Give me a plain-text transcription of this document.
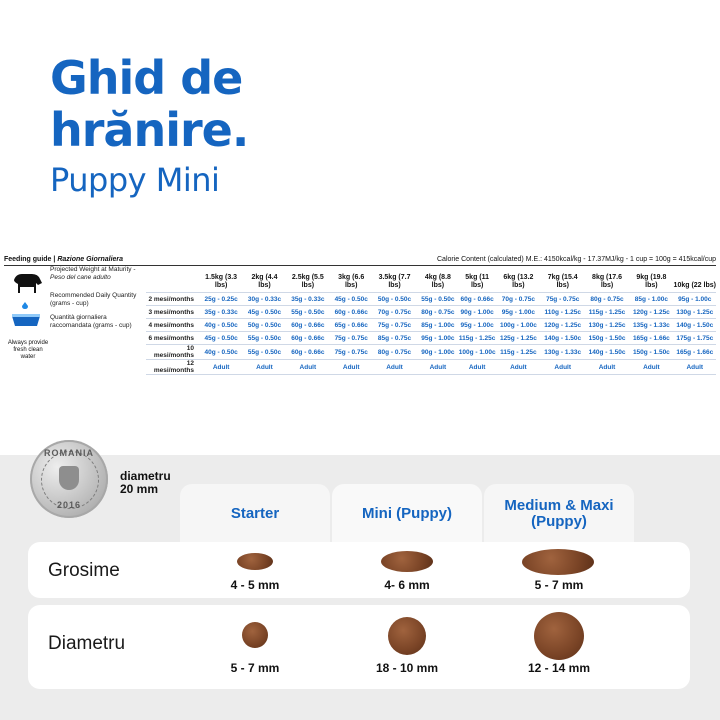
Ghid de
hrănire.
Puppy Mini
Feeding guide | Razione Giornaliera	Calorie Content (calculated) M.E.: 4150kcal/kg - 17.37MJ/kg - 1 cup = 100g = 415kcal/cup
Always provide fresh clean water
Projected Weight at Maturity -
Peso del cane adulto
Recommended Daily Quantity (grams - cup)
Quantità giornaliera raccomandata (grams - cup)
	1.5kg (3.3 lbs)	2kg (4.4 lbs)	2.5kg (5.5 lbs)	3kg (6.6 lbs)	3.5kg (7.7 lbs)	4kg (8.8 lbs)	5kg (11 lbs)	6kg (13.2 lbs)	7kg (15.4 lbs)	8kg (17.6 lbs)	9kg (19.8 lbs)	10kg (22 lbs)
2 mesi/months	25g - 0.25c	30g - 0.33c	35g - 0.33c	45g - 0.50c	50g - 0.50c	55g - 0.50c	60g - 0.66c	70g - 0.75c	75g - 0.75c	80g - 0.75c	85g - 1.00c	95g - 1.00c
3 mesi/months	35g - 0.33c	45g - 0.50c	55g - 0.50c	60g - 0.66c	70g - 0.75c	80g - 0.75c	90g - 1.00c	95g - 1.00c	110g - 1.25c	115g - 1.25c	120g - 1.25c	130g - 1.25c
4 mesi/months	40g - 0.50c	50g - 0.50c	60g - 0.66c	65g - 0.66c	75g - 0.75c	85g - 1.00c	95g - 1.00c	100g - 1.00c	120g - 1.25c	130g - 1.25c	135g - 1.33c	140g - 1.50c
6 mesi/months	45g - 0.50c	55g - 0.50c	60g - 0.66c	75g - 0.75c	85g - 0.75c	95g - 1.00c	115g - 1.25c	125g - 1.25c	140g - 1.50c	150g - 1.50c	165g - 1.66c	175g - 1.75c
10 mesi/months	40g - 0.50c	55g - 0.50c	60g - 0.66c	75g - 0.75c	80g - 0.75c	90g - 1.00c	100g - 1.00c	115g - 1.25c	130g - 1.33c	140g - 1.50c	150g - 1.50c	165g - 1.66c
12 mesi/months	Adult	Adult	Adult	Adult	Adult	Adult	Adult	Adult	Adult	Adult	Adult	Adult
ROMANIA
2016
diametru 20 mm
Starter	Mini (Puppy)	Medium & Maxi (Puppy)
Grosime
4 - 5 mm	4- 6 mm	5 - 7 mm
Diametru
5 - 7 mm	18 - 10 mm	12 - 14 mm
